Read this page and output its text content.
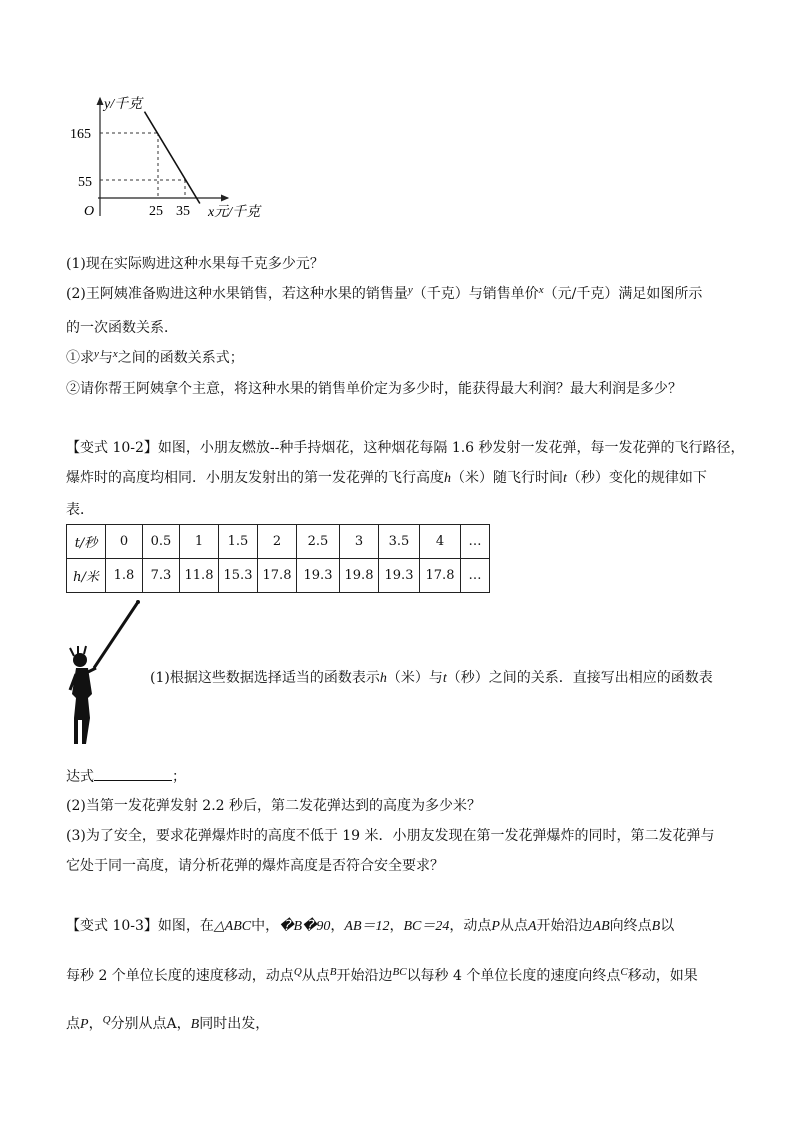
y/千克
165
55
O	25 35 x元/千克
(1)现在实际购进这种水果每千克多少元？
(2)王阿姨准备购进这种水果销售，若这种水果的销售量$^y$（千克）与销售单价$^x$（元/千克）满足如图所示
的一次函数关系．
①求$^y$与$^x$之间的函数关系式；
②请你帮王阿姨拿个主意，将这种水果的销售单价定为多少时，能获得最大利润？最大利润是多少？
【变式 10-2】如图，小朋友燃放--种手持烟花，这种烟花每隔 1.6 秒发射一发花弹，每一发花弹的飞行路径，
爆炸时的高度均相同．小朋友发射出的第一发花弹的飞行高度h（米）随飞行时间t（秒）变化的规律如下
表．
t/秒	0	0.5	1	1.5	2	2.5	3	3.5	4	…
h/米	1.8	7.3	11.8	15.3	17.8	19.3	19.8	19.3	17.8	…
(1)根据这些数据选择适当的函数表示h（米）与t（秒）之间的关系．直接写出相应的函数表
达式	；
(2)当第一发花弹发射 2.2 秒后，第二发花弹达到的高度为多少米？
(3)为了安全，要求花弹爆炸时的高度不低于 19 米．小朋友发现在第一发花弹爆炸的同时，第二发花弹与
它处于同一高度，请分析花弹的爆炸高度是否符合安全要求？
【变式 10-3】如图，在△ABC中，�B�90，AB＝12，BC＝24，动点P从点A开始沿边AB向终点B以
每秒 2 个单位长度的速度移动，动点$^Q$从点$^B$开始沿边$^{BC}$以每秒 4 个单位长度的速度向终点$^C$移动，如果
点P，$^Q$分别从点A，B同时出发，
